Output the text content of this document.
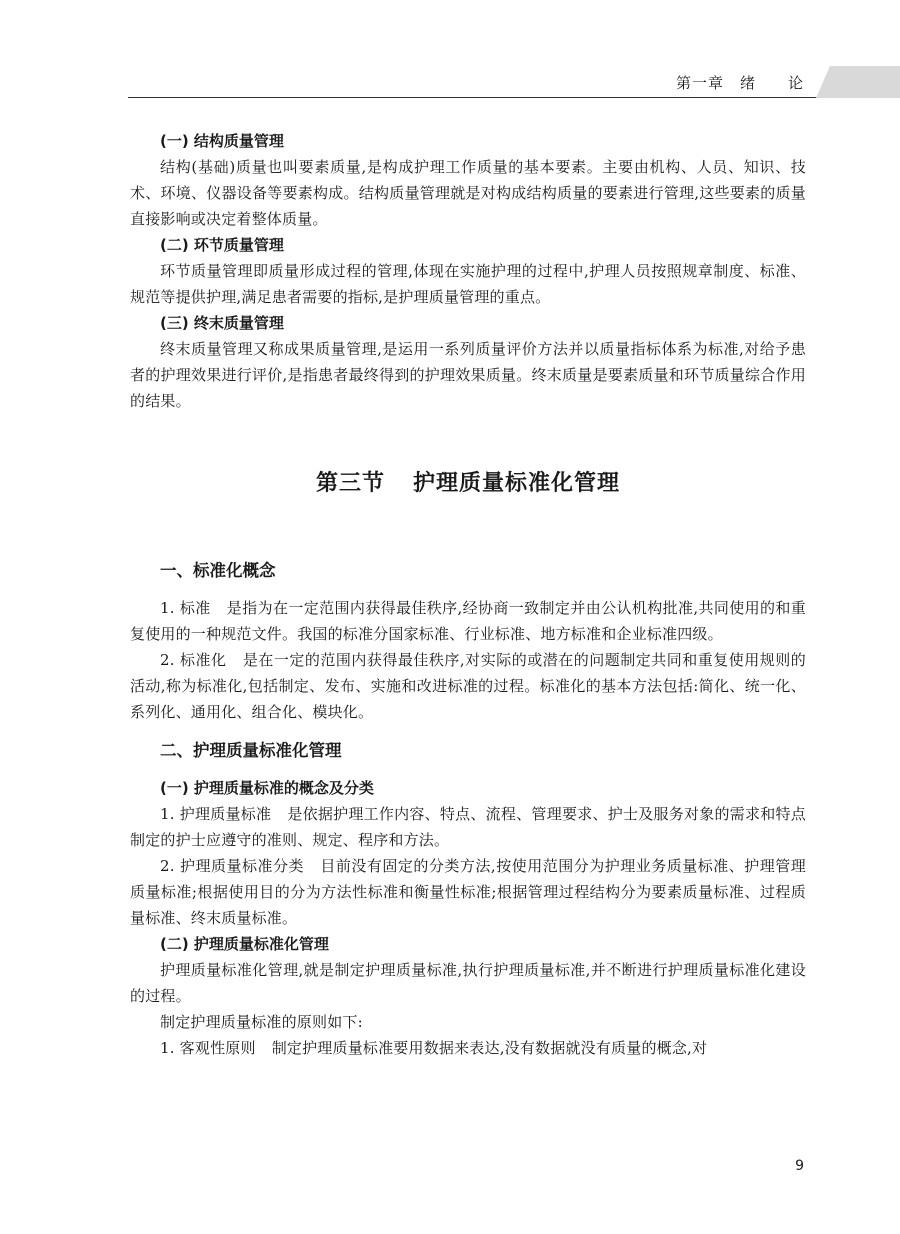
第一章　绪　　论

(一) 结构质量管理

结构(基础)质量也叫要素质量,是构成护理工作质量的基本要素。主要由机构、人员、知识、技术、环境、仪器设备等要素构成。结构质量管理就是对构成结构质量的要素进行管理,这些要素的质量直接影响或决定着整体质量。

(二) 环节质量管理

环节质量管理即质量形成过程的管理,体现在实施护理的过程中,护理人员按照规章制度、标准、规范等提供护理,满足患者需要的指标,是护理质量管理的重点。

(三) 终末质量管理

终末质量管理又称成果质量管理,是运用一系列质量评价方法并以质量指标体系为标准,对给予患者的护理效果进行评价,是指患者最终得到的护理效果质量。终末质量是要素质量和环节质量综合作用的结果。

第三节 护理质量标准化管理

一、标准化概念

1. 标准 是指为在一定范围内获得最佳秩序,经协商一致制定并由公认机构批准,共同使用的和重复使用的一种规范文件。我国的标准分国家标准、行业标准、地方标准和企业标准四级。

2. 标准化 是在一定的范围内获得最佳秩序,对实际的或潜在的问题制定共同和重复使用规则的活动,称为标准化,包括制定、发布、实施和改进标准的过程。标准化的基本方法包括:简化、统一化、系列化、通用化、组合化、模块化。

二、护理质量标准化管理

(一) 护理质量标准的概念及分类

1. 护理质量标准 是依据护理工作内容、特点、流程、管理要求、护士及服务对象的需求和特点制定的护士应遵守的准则、规定、程序和方法。

2. 护理质量标准分类 目前没有固定的分类方法,按使用范围分为护理业务质量标准、护理管理质量标准;根据使用目的分为方法性标准和衡量性标准;根据管理过程结构分为要素质量标准、过程质量标准、终末质量标准。

(二) 护理质量标准化管理

护理质量标准化管理,就是制定护理质量标准,执行护理质量标准,并不断进行护理质量标准化建设的过程。

制定护理质量标准的原则如下:

1. 客观性原则 制定护理质量标准要用数据来表达,没有数据就没有质量的概念,对

9
